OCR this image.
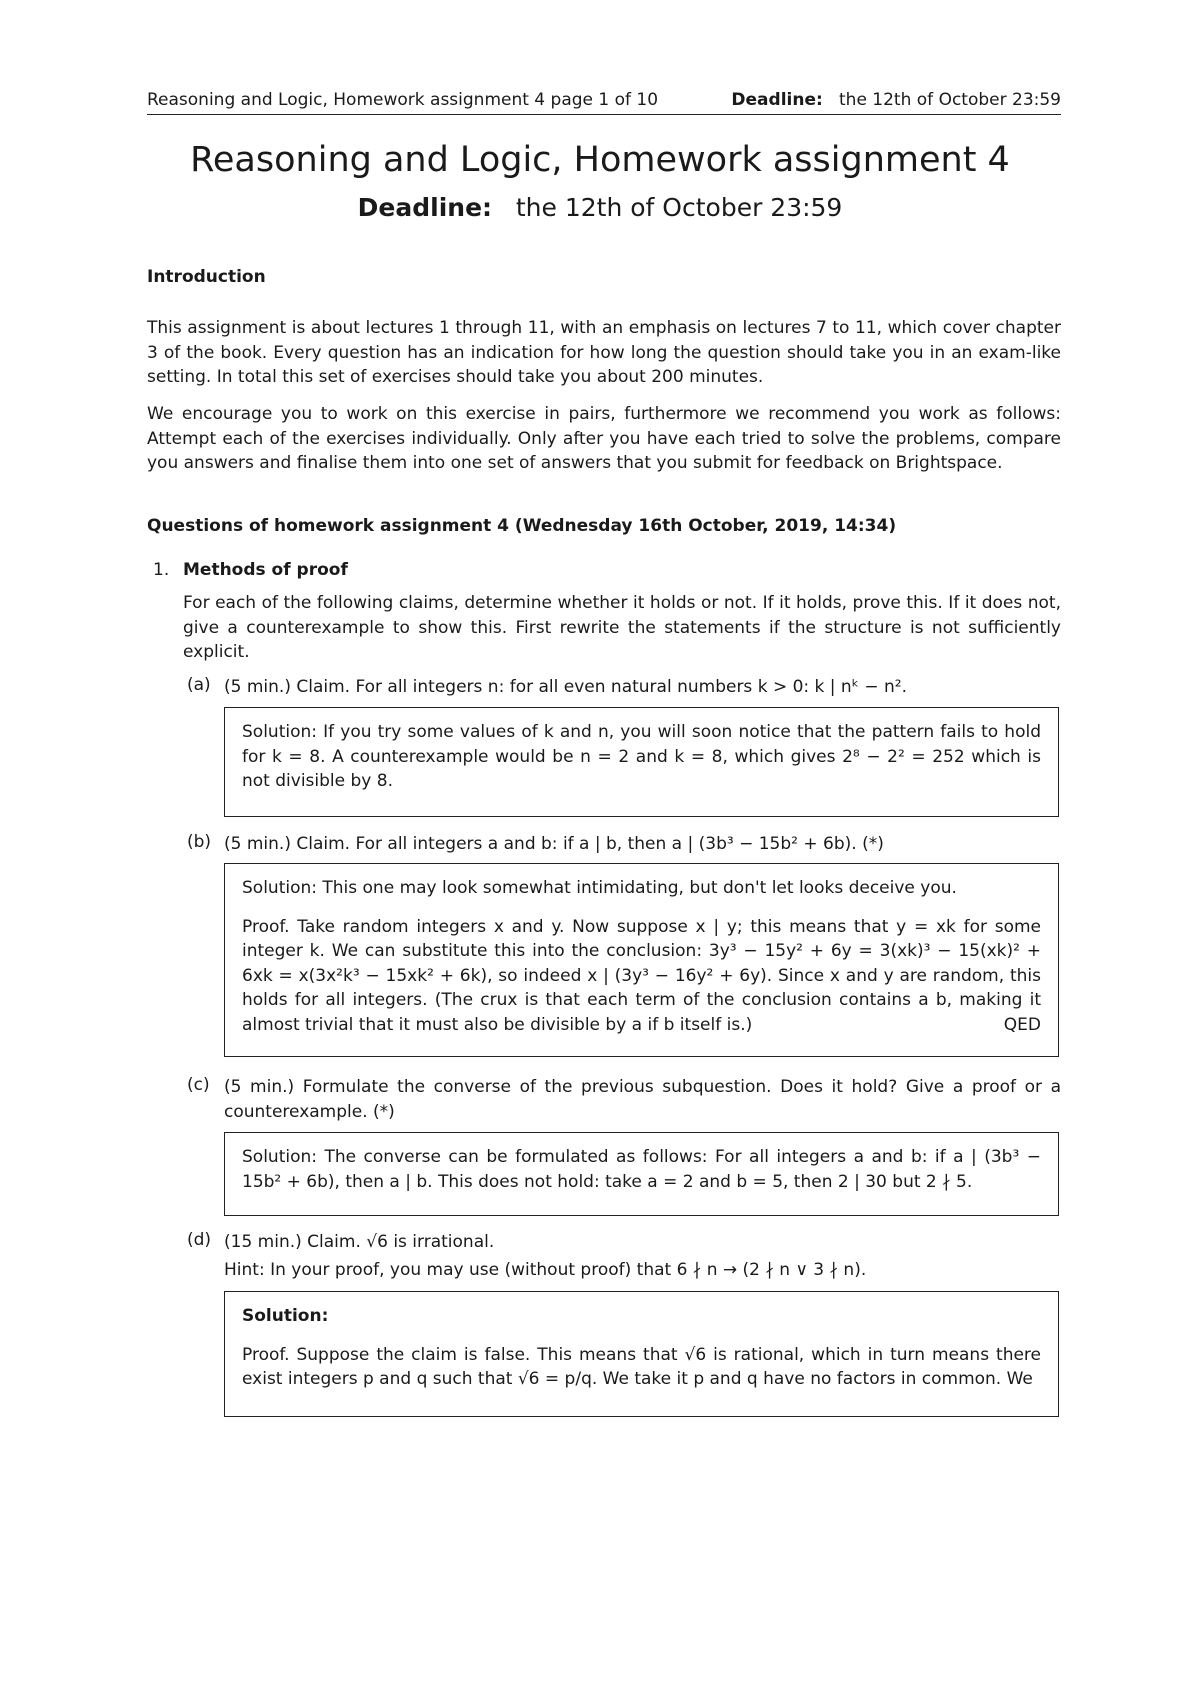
Reasoning and Logic, Homework assignment 4 page 1 of 10	Deadline: the 12th of October 23:59
Reasoning and Logic, Homework assignment 4
Deadline: the 12th of October 23:59
Introduction

This assignment is about lectures 1 through 11, with an emphasis on lectures 7 to 11, which cover chapter 3 of the book. Every question has an indication for how long the question should take you in an exam-like setting. In total this set of exercises should take you about 200 minutes.

We encourage you to work on this exercise in pairs, furthermore we recommend you work as follows: Attempt each of the exercises individually. Only after you have each tried to solve the problems, compare you answers and finalise them into one set of answers that you submit for feedback on Brightspace.

Questions of homework assignment 4 (Wednesday 16th October, 2019, 14:34)
1. Methods of proof

For each of the following claims, determine whether it holds or not. If it holds, prove this. If it does not, give a counterexample to show this. First rewrite the statements if the structure is not sufficiently explicit.

(a) (5 min.) Claim. For all integers n: for all even natural numbers k > 0: k | nᵏ − n².

Solution: If you try some values of k and n, you will soon notice that the pattern fails to hold for k = 8. A counterexample would be n = 2 and k = 8, which gives 2⁸ − 2² = 252 which is not divisible by 8.

(b) (5 min.) Claim. For all integers a and b: if a | b, then a | (3b³ − 15b² + 6b). (*)

Solution: This one may look somewhat intimidating, but don't let looks deceive you.

Proof. Take random integers x and y. Now suppose x | y; this means that y = xk for some integer k. We can substitute this into the conclusion: 3y³ − 15y² + 6y = 3(xk)³ − 15(xk)² + 6xk = x(3x²k³ − 15xk² + 6k), so indeed x | (3y³ − 16y² + 6y). Since x and y are random, this holds for all integers. (The crux is that each term of the conclusion contains a b, making it almost trivial that it must also be divisible by a if b itself is.)	QED

(c) (5 min.) Formulate the converse of the previous subquestion. Does it hold? Give a proof or a counterexample. (*)

Solution: The converse can be formulated as follows: For all integers a and b: if a | (3b³ − 15b² + 6b), then a | b. This does not hold: take a = 2 and b = 5, then 2 | 30 but 2 ∤ 5.

(d) (15 min.) Claim. √6 is irrational.

Hint: In your proof, you may use (without proof) that 6 ∤ n → (2 ∤ n ∨ 3 ∤ n).

Solution:

Proof. Suppose the claim is false. This means that √6 is rational, which in turn means there exist integers p and q such that √6 = p/q. We take it p and q have no factors in common. We
